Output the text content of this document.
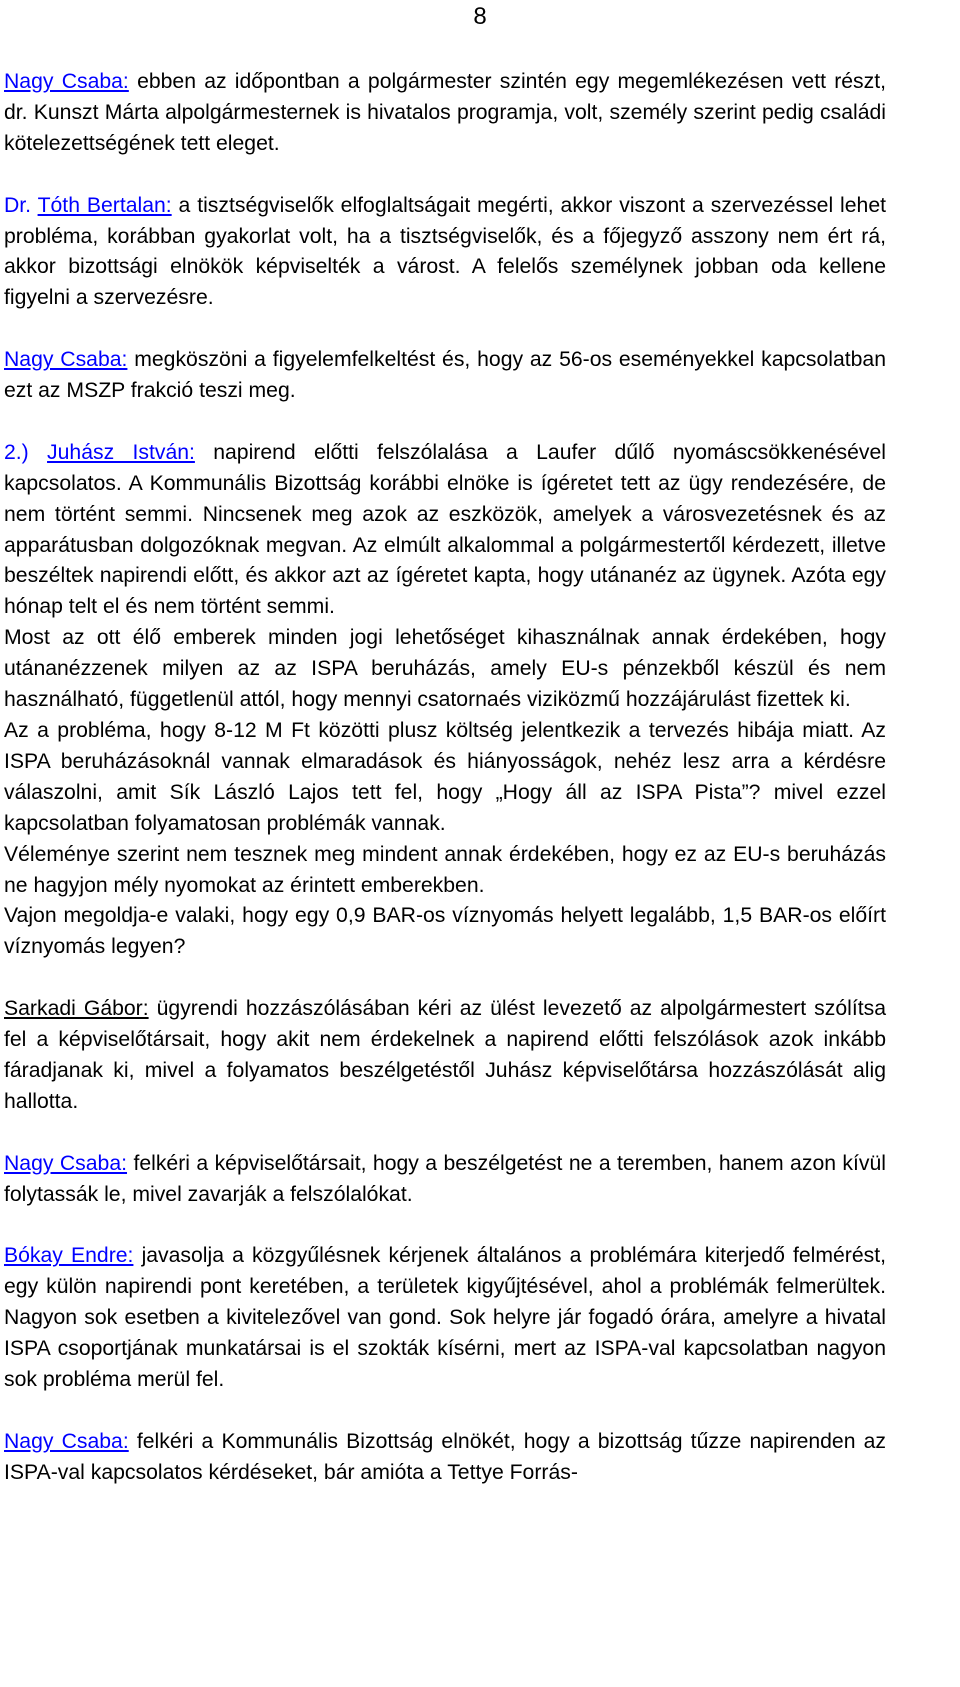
8

Nagy Csaba: ebben az időpontban a polgármester szintén egy megemlékezésen vett részt, dr. Kunszt Márta alpolgármesternek is hivatalos programja, volt, személy szerint pedig családi kötelezettségének tett eleget.

Dr. Tóth Bertalan: a tisztségviselők elfoglaltságait megérti, akkor viszont a szervezéssel lehet probléma, korábban gyakorlat volt, ha a tisztségviselők, és a főjegyző asszony nem ért rá, akkor bizottsági elnökök képviselték a várost. A felelős személynek jobban oda kellene figyelni a szervezésre.

Nagy Csaba: megköszöni a figyelemfelkeltést és, hogy az 56-os eseményekkel kapcsolatban ezt az MSZP frakció teszi meg.

2.) Juhász István: napirend előtti felszólalása a Laufer dűlő nyomáscsökkenésével kapcsolatos. A Kommunális Bizottság korábbi elnöke is ígéretet tett az ügy rendezésére, de nem történt semmi. Nincsenek meg azok az eszközök, amelyek a városvezetésnek és az apparátusban dolgozóknak megvan. Az elmúlt alkalommal a polgármestertől kérdezett, illetve beszéltek napirendi előtt, és akkor azt az ígéretet kapta, hogy utánanéz az ügynek. Azóta egy hónap telt el és nem történt semmi.

Most az ott élő emberek minden jogi lehetőséget kihasználnak annak érdekében, hogy utánanézzenek milyen az az ISPA beruházás, amely EU-s pénzekből készül és nem használható, függetlenül attól, hogy mennyi csatornaés viziközmű hozzájárulást fizettek ki.

Az a probléma, hogy 8-12 M Ft közötti plusz költség jelentkezik a tervezés hibája miatt. Az ISPA beruházásoknál vannak elmaradások és hiányosságok, nehéz lesz arra a kérdésre válaszolni, amit Sík László Lajos tett fel, hogy „Hogy áll az ISPA Pista”? mivel ezzel kapcsolatban folyamatosan problémák vannak.

Véleménye szerint nem tesznek meg mindent annak érdekében, hogy ez az EU-s beruházás ne hagyjon mély nyomokat az érintett emberekben.

Vajon megoldja-e valaki, hogy egy 0,9 BAR-os víznyomás helyett legalább, 1,5 BAR-os előírt víznyomás legyen?

Sarkadi Gábor: ügyrendi hozzászólásában kéri az ülést levezető az alpolgármestert szólítsa fel a képviselőtársait, hogy akit nem érdekelnek a napirend előtti felszólások azok inkább fáradjanak ki, mivel a folyamatos beszélgetéstől Juhász képviselőtársa hozzászólását alig hallotta.

Nagy Csaba: felkéri a képviselőtársait, hogy a beszélgetést ne a teremben, hanem azon kívül folytassák le, mivel zavarják a felszólalókat.

Bókay Endre: javasolja a közgyűlésnek kérjenek általános a problémára kiterjedő felmérést, egy külön napirendi pont keretében, a területek kigyűjtésével, ahol a problémák felmerültek. Nagyon sok esetben a kivitelezővel van gond. Sok helyre jár fogadó órára, amelyre a hivatal ISPA csoportjának munkatársai is el szokták kísérni, mert az ISPA-val kapcsolatban nagyon sok probléma merül fel.

Nagy Csaba: felkéri a Kommunális Bizottság elnökét, hogy a bizottság tűzze napirenden az ISPA-val kapcsolatos kérdéseket, bár amióta a Tettye Forrás-
